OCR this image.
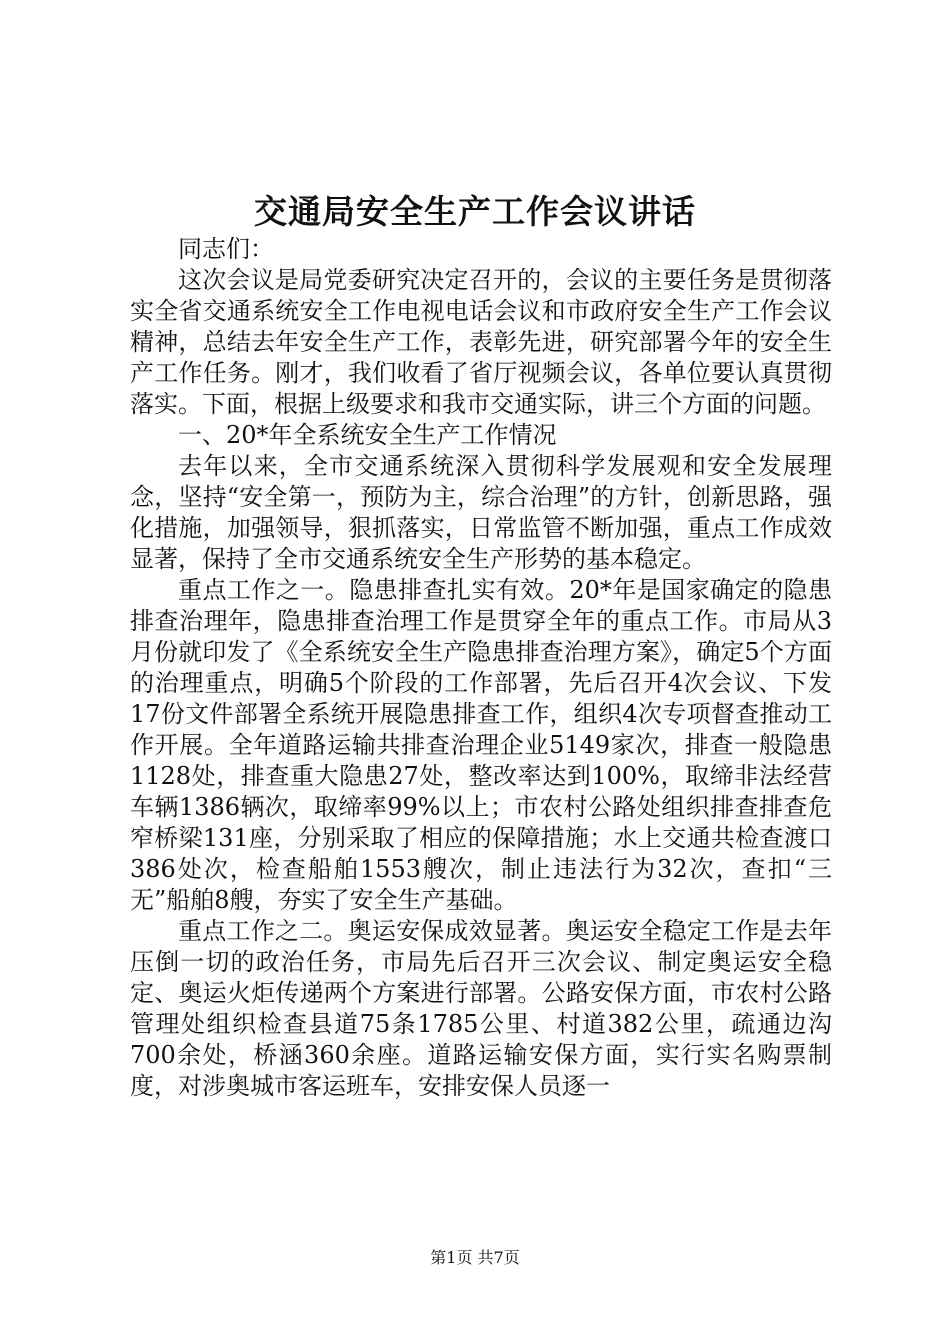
交通局安全生产工作会议讲话

同志们：

这次会议是局党委研究决定召开的，会议的主要任务是贯彻落实全省交通系统安全工作电视电话会议和市政府安全生产工作会议精神，总结去年安全生产工作，表彰先进，研究部署今年的安全生产工作任务。刚才，我们收看了省厅视频会议，各单位要认真贯彻落实。下面，根据上级要求和我市交通实际，讲三个方面的问题。

一、20*年全系统安全生产工作情况

去年以来，全市交通系统深入贯彻科学发展观和安全发展理念，坚持“安全第一，预防为主，综合治理”的方针，创新思路，强化措施，加强领导，狠抓落实，日常监管不断加强，重点工作成效显著，保持了全市交通系统安全生产形势的基本稳定。

重点工作之一。隐患排查扎实有效。20*年是国家确定的隐患排查治理年，隐患排查治理工作是贯穿全年的重点工作。市局从3月份就印发了《全系统安全生产隐患排查治理方案》，确定5个方面的治理重点，明确5个阶段的工作部署，先后召开4次会议、下发17份文件部署全系统开展隐患排查工作，组织4次专项督查推动工作开展。全年道路运输共排查治理企业5149家次，排查一般隐患1128处，排查重大隐患27处，整改率达到100%，取缔非法经营车辆1386辆次，取缔率99%以上；市农村公路处组织排查排查危窄桥梁131座，分别采取了相应的保障措施；水上交通共检查渡口386处次，检查船舶1553艘次，制止违法行为32次，查扣“三无”船舶8艘，夯实了安全生产基础。

重点工作之二。奥运安保成效显著。奥运安全稳定工作是去年压倒一切的政治任务，市局先后召开三次会议、制定奥运安全稳定、奥运火炬传递两个方案进行部署。公路安保方面，市农村公路管理处组织检查县道75条1785公里、村道382公里，疏通边沟700余处，桥涵360余座。道路运输安保方面，实行实名购票制度，对涉奥城市客运班车，安排安保人员逐一

第1页 共7页
